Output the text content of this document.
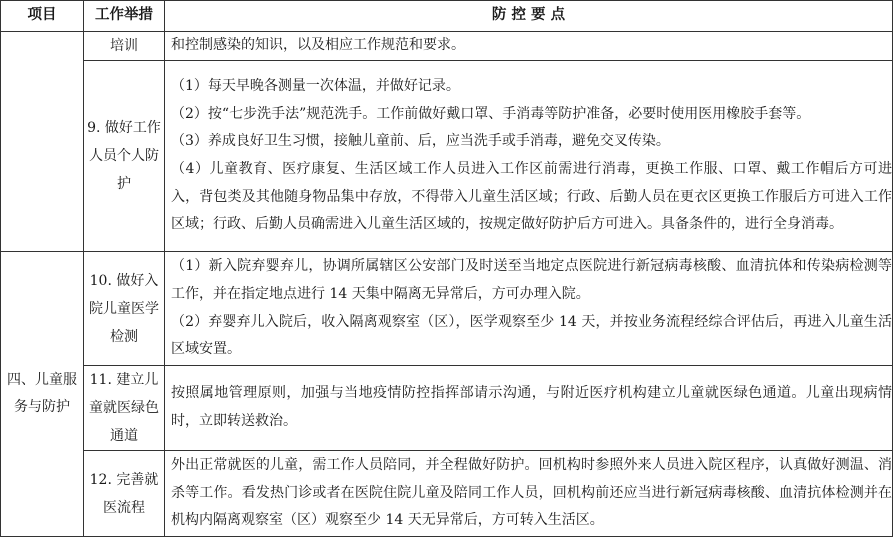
项目	工作举措	防 控 要 点
	培训	和控制感染的知识，以及相应工作规范和要求。

	9. 做好工作人员个人防护	（1）每天早晚各测量一次体温，并做好记录。
（2）按“七步洗手法”规范洗手。工作前做好戴口罩、手消毒等防护准备，必要时使用医用橡胶手套等。
（3）养成良好卫生习惯，接触儿童前、后，应当洗手或手消毒，避免交叉传染。
（4）儿童教育、医疗康复、生活区域工作人员进入工作区前需进行消毒，更换工作服、口罩、戴工作帽后方可进入，背包类及其他随身物品集中存放，不得带入儿童生活区域；行政、后勤人员在更衣区更换工作服后方可进入工作区域；行政、后勤人员确需进入儿童生活区域的，按规定做好防护后方可进入。具备条件的，进行全身消毒。

四、儿童服务与防护	10. 做好入院儿童医学检测	（1）新入院弃婴弃儿，协调所属辖区公安部门及时送至当地定点医院进行新冠病毒核酸、血清抗体和传染病检测等工作，并在指定地点进行 14 天集中隔离无异常后，方可办理入院。
（2）弃婴弃儿入院后，收入隔离观察室（区），医学观察至少 14 天，并按业务流程经综合评估后，再进入儿童生活区域安置。

	11. 建立儿童就医绿色通道	按照属地管理原则，加强与当地疫情防控指挥部请示沟通，与附近医疗机构建立儿童就医绿色通道。儿童出现病情时，立即转送救治。

	12. 完善就医流程	外出正常就医的儿童，需工作人员陪同，并全程做好防护。回机构时参照外来人员进入院区程序，认真做好测温、消杀等工作。看发热门诊或者在医院住院儿童及陪同工作人员，回机构前还应当进行新冠病毒核酸、血清抗体检测并在机构内隔离观察室（区）观察至少 14 天无异常后，方可转入生活区。
